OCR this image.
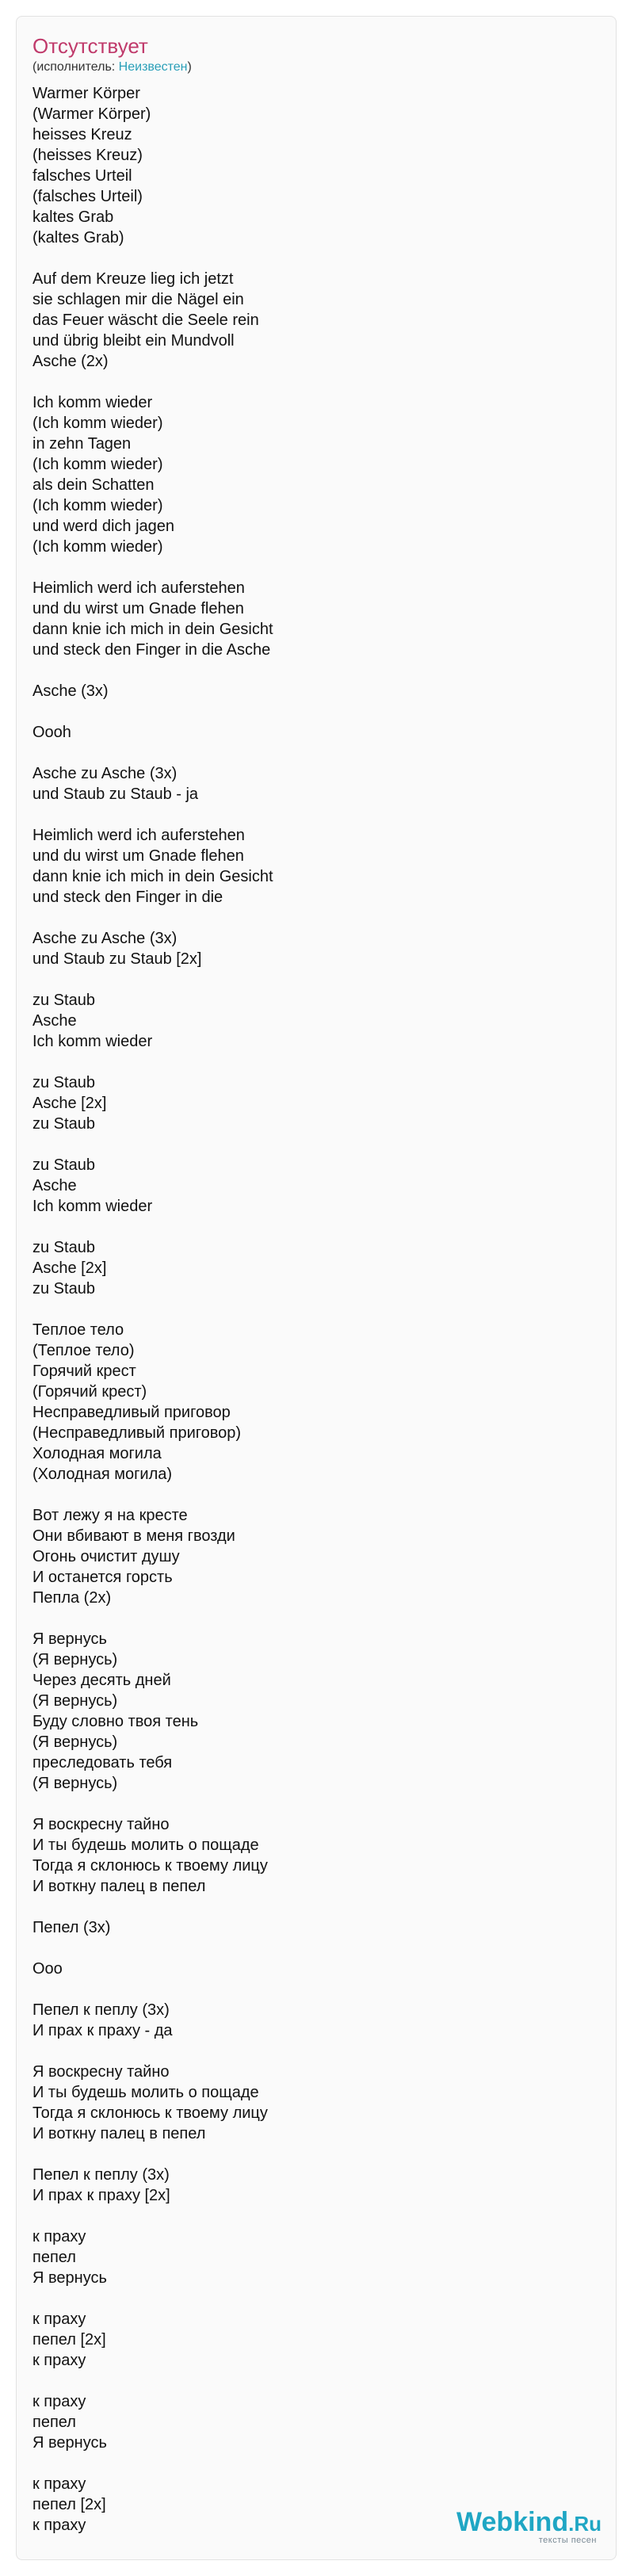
Отсутствует
(исполнитель: Неизвестен)
Warmer Körper
(Warmer Körper)
heisses Kreuz
(heisses Kreuz)
falsches Urteil
(falsches Urteil)
kaltes Grab
(kaltes Grab)
Auf dem Kreuze lieg ich jetzt
sie schlagen mir die Nägel ein
das Feuer wäscht die Seele rein
und übrig bleibt ein Mundvoll
Asche (2x)
Ich komm wieder
(Ich komm wieder)
in zehn Tagen
(Ich komm wieder)
als dein Schatten
(Ich komm wieder)
und werd dich jagen
(Ich komm wieder)
Heimlich werd ich auferstehen
und du wirst um Gnade flehen
dann knie ich mich in dein Gesicht
und steck den Finger in die Asche
Asche (3x)
Oooh
Asche zu Asche (3x)
und Staub zu Staub - ja
Heimlich werd ich auferstehen
und du wirst um Gnade flehen
dann knie ich mich in dein Gesicht
und steck den Finger in die
Asche zu Asche (3x)
und Staub zu Staub [2x]
zu Staub
Asche
Ich komm wieder
zu Staub
Asche [2x]
zu Staub
zu Staub
Asche
Ich komm wieder
zu Staub
Asche [2x]
zu Staub
Теплое тело
(Теплое тело)
Горячий крест
(Горячий крест)
Несправедливый приговор
(Несправедливый приговор)
Холодная могила
(Холодная могила)
Вот лежу я на кресте
Они вбивают в меня гвозди
Огонь очистит душу
И останется горсть
Пепла (2x)
Я вернусь
(Я вернусь)
Через десять дней
(Я вернусь)
Буду словно твоя тень
(Я вернусь)
преследовать тебя
(Я вернусь)
Я воскресну тайно
И ты будешь молить о пощаде
Тогда я склонюсь к твоему лицу
И воткну палец в пепел
Пепел (3x)
Ооо
Пепел к пеплу (3x)
И прах к праху - да
Я воскресну тайно
И ты будешь молить о пощаде
Тогда я склонюсь к твоему лицу
И воткну палец в пепел
Пепел к пеплу (3x)
И прах к праху [2x]
к праху
пепел
Я вернусь
к праху
пепел [2x]
к праху
к праху
пепел
Я вернусь
к праху
пепел [2x]
к праху	Webkind.Ru
тексты песен
